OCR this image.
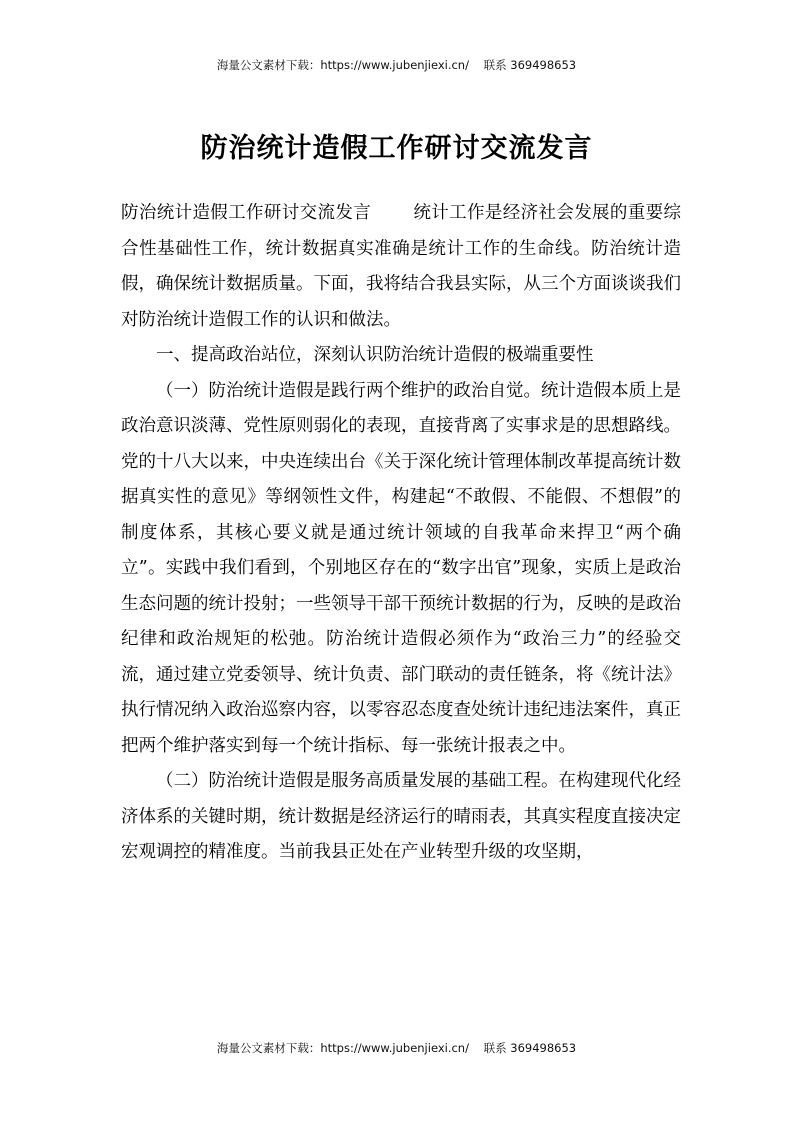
海量公文素材下载：https://www.jubenjiexi.cn/ 联系 369498653
防治统计造假工作研讨交流发言

防治统计造假工作研讨交流发言 统计工作是经济社会发展的重要综合性基础性工作，统计数据真实准确是统计工作的生命线。防治统计造假，确保统计数据质量。下面，我将结合我县实际，从三个方面谈谈我们对防治统计造假工作的认识和做法。

一、提高政治站位，深刻认识防治统计造假的极端重要性

（一）防治统计造假是践行两个维护的政治自觉。统计造假本质上是政治意识淡薄、党性原则弱化的表现，直接背离了实事求是的思想路线。党的十八大以来，中央连续出台《关于深化统计管理体制改革提高统计数据真实性的意见》等纲领性文件，构建起“不敢假、不能假、不想假”的制度体系，其核心要义就是通过统计领域的自我革命来捍卫“两个确立”。实践中我们看到，个别地区存在的“数字出官”现象，实质上是政治生态问题的统计投射；一些领导干部干预统计数据的行为，反映的是政治纪律和政治规矩的松弛。防治统计造假必须作为“政治三力”的经验交流，通过建立党委领导、统计负责、部门联动的责任链条，将《统计法》执行情况纳入政治巡察内容，以零容忍态度查处统计违纪违法案件，真正把两个维护落实到每一个统计指标、每一张统计报表之中。

（二）防治统计造假是服务高质量发展的基础工程。在构建现代化经济体系的关键时期，统计数据是经济运行的晴雨表，其真实程度直接决定宏观调控的精准度。当前我县正处在产业转型升级的攻坚期，

海量公文素材下载：https://www.jubenjiexi.cn/ 联系 369498653
